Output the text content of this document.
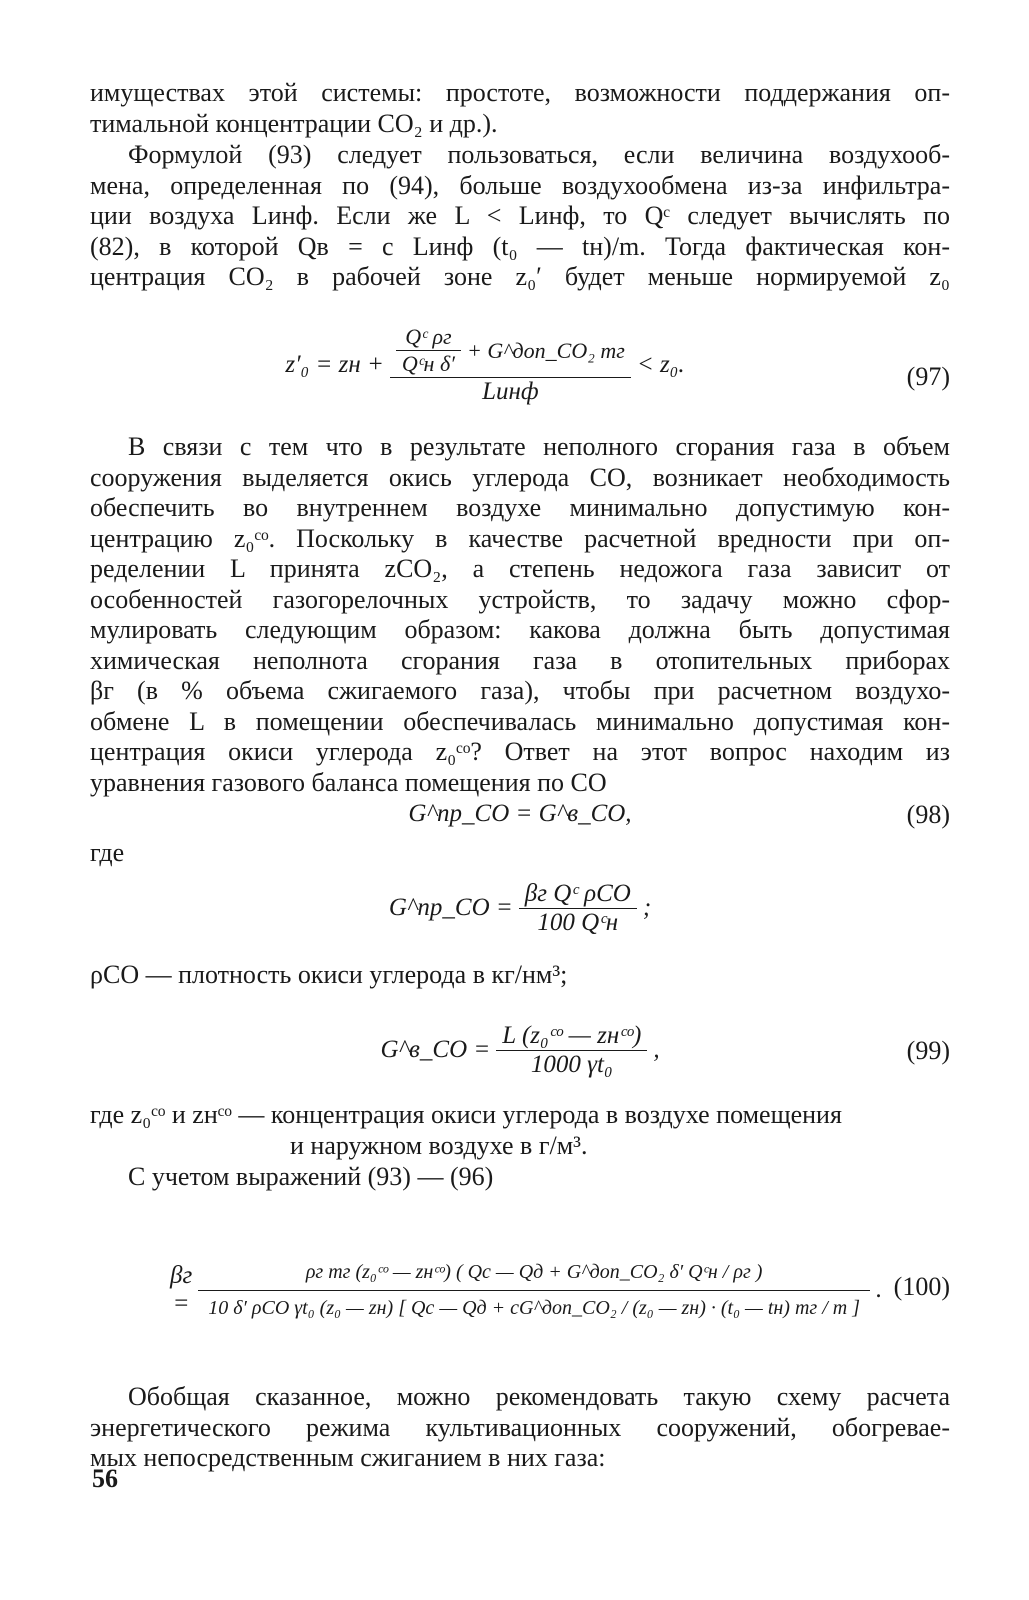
имуществах этой системы: простоте, возможности поддержания оп-
тимальной концентрации CO₂ и др.).

Формулой (93) следует пользоваться, если величина воздухооб-
мена, определенная по (94), больше воздухообмена из-за инфильтра-
ции воздуха Lинф. Если же L < Lинф, то Qᶜ следует вычислять по
(82), в которой Qв = c Lинф (t₀ — tн)/m. Тогда фактическая кон-
центрация CO₂ в рабочей зоне z₀′ будет меньше нормируемой z₀

z′₀ = zн + $\frac{\frac{\text{Qᶜ ρг}}{\text{Qᶜн δ′}} + G\^{}доп\_CO_2 mг}{\text{Lинф}} < z_0$.	(97)

В связи с тем что в результате неполного сгорания газа в объем
сооружения выделяется окись углерода CO, возникает необходимость
обеспечить во внутреннем воздухе минимально допустимую кон-
центрацию z₀ᶜᵒ. Поскольку в качестве расчетной вредности при оп-
ределении L принята zCO₂, а степень недожога газа зависит от
особенностей газогорелочных устройств, то задачу можно сфор-
мулировать следующим образом: какова должна быть допустимая
химическая неполнота сгорания газа в отопительных приборах
βг (в % объема сжигаемого газа), чтобы при расчетном воздухо-
обмене L в помещении обеспечивалась минимально допустимая кон-
центрация окиси углерода z₀ᶜᵒ? Ответ на этот вопрос находим из
уравнения газового баланса помещения по CO

G^пр_CO = G^в_CO,	(98)
где
G^пр_CO = $\frac{\text{βг Qᶜ ρCO}}{\text{100 Qᶜн}}$ ;
ρCO — плотность окиси углерода в кг/нм³;
G^в_CO = $\frac{\text{L (z₀ᶜᵒ — zнᶜᵒ)}}{\text{1000 γt₀}}$ ,	(99)

где z₀ᶜᵒ и zнᶜᵒ — концентрация окиси углерода в воздухе помещения
и наружном воздухе в г/м³.

С учетом выражений (93) — (96)
βг =
ρг mг (z₀ᶜᵒ — zнᶜᵒ) ( Qс — Qд + G^доп_CO₂ δ′ Qᶜн / ρг )
10 δ′ ρCO γt₀ (z₀ — zн) [ Qс — Qд + cG^доп_CO₂ / (z₀ — zн) · (t₀ — tн) mг / m ]
. (100)

Обобщая сказанное, можно рекомендовать такую схему расчета
энергетического режима культивационных сооружений, обогревае-
мых непосредственным сжиганием в них газа:

56
